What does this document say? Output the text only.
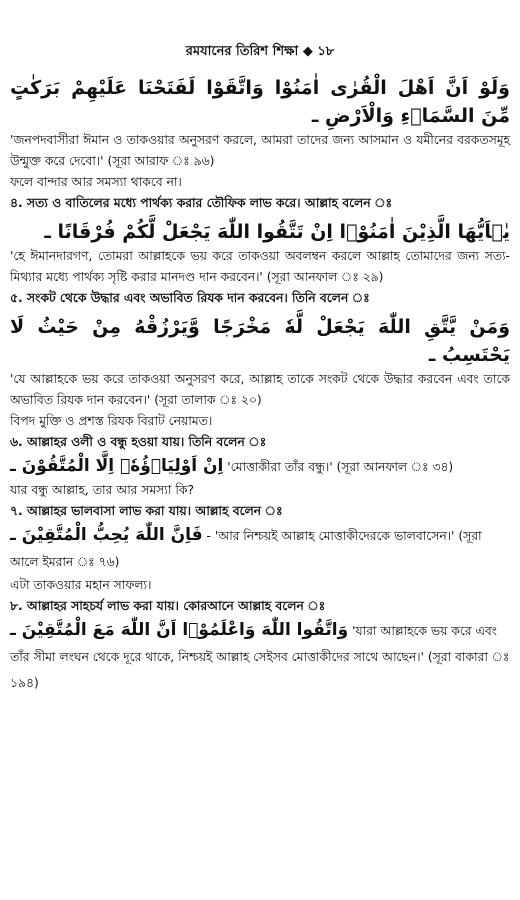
রমযানের তিরিশ শিক্ষা ◆ ১৮

وَلَوْ اَنَّ اَهْلَ الْقُرٰى اٰمَنُوْا وَاتَّقَوْا لَفَتَحْنَا عَلَيْهِمْ بَرَكٰتٍ مِّنَ السَّمَاۤءِ وَالْاَرْضِ ـ

'জনপদবাসীরা ঈমান ও তাকওয়ার অনুসরণ করলে, আমরা তাদের জন্য আসমান ও যমীনের বরকতসমূহ উন্মুক্ত করে দেবো।' (সূরা আরাফ ঃ ৯৬)

ফলে বান্দার আর সমস্যা থাকবে না।

৪. সত্য ও বাতিলের মধ্যে পার্থক্য করার তৌফিক লাভ করে। আল্লাহ বলেন ঃ

يٰۤاَيُّهَا الَّذِيْنَ اٰمَنُوْۤا اِنْ تَتَّقُوا اللّٰهَ يَجْعَلْ لَّكُمْ فُرْقَانًا ـ

'হে ঈমানদারগণ, তোমরা আল্লাহকে ভয় করে তাকওয়া অবলম্বন করলে আল্লাহ তোমাদের জন্য সত্য-মিথ্যার মধ্যে পার্থক্য সৃষ্টি করার মানদণ্ড দান করবেন।' (সূরা আনফাল ঃ ২৯)

৫. সংকট থেকে উদ্ধার এবং অভাবিত রিযক দান করবেন। তিনি বলেন ঃ

وَمَنْ يَّتَّقِ اللّٰهَ يَجْعَلْ لَّهٗ مَخْرَجًا وَّيَرْزُقْهُ مِنْ حَيْثُ لَا يَحْتَسِبُ ـ

'যে আল্লাহকে ভয় করে তাকওয়া অনুসরণ করে, আল্লাহ তাকে সংকট থেকে উদ্ধার করবেন এবং তাকে অভাবিত রিযক দান করবেন।' (সূরা তালাক ঃ ২০)

বিপদ মুক্তি ও প্রশস্ত রিযক বিরাট নেয়ামত।

৬. আল্লাহর ওলী ও বন্ধু হওয়া যায়। তিনি বলেন ঃ

اِنْ اَوْلِيَاۤؤُهٗۤ اِلَّا الْمُتَّقُوْنَ ـ 'মোত্তাকীরা তাঁর বন্ধু।' (সূরা আনফাল ঃ ৩৪)

যার বন্ধু আল্লাহ, তার আর সমস্যা কি?

৭. আল্লাহর ভালবাসা লাভ করা যায়। আল্লাহ বলেন ঃ

فَاِنَّ اللّٰهَ يُحِبُّ الْمُتَّقِيْنَ ـ - 'আর নিশ্চয়ই আল্লাহ মোত্তাকীদেরকে ভালবাসেন।' (সূরা আলে ইমরান ঃ ৭৬)

এটা তাকওয়ার মহান সাফল্য।

৮. আল্লাহর সাহচর্য লাভ করা যায়। কোরআনে আল্লাহ বলেন ঃ

وَاتَّقُوا اللّٰهَ وَاعْلَمُوْۤا اَنَّ اللّٰهَ مَعَ الْمُتَّقِيْنَ ـ 'যারা আল্লাহকে ভয় করে এবং তাঁর সীমা লংঘন থেকে দূরে থাকে, নিশ্চয়ই আল্লাহ সেইসব মোত্তাকীদের সাথে আছেন।' (সূরা বাকারা ঃ ১৯৪)
